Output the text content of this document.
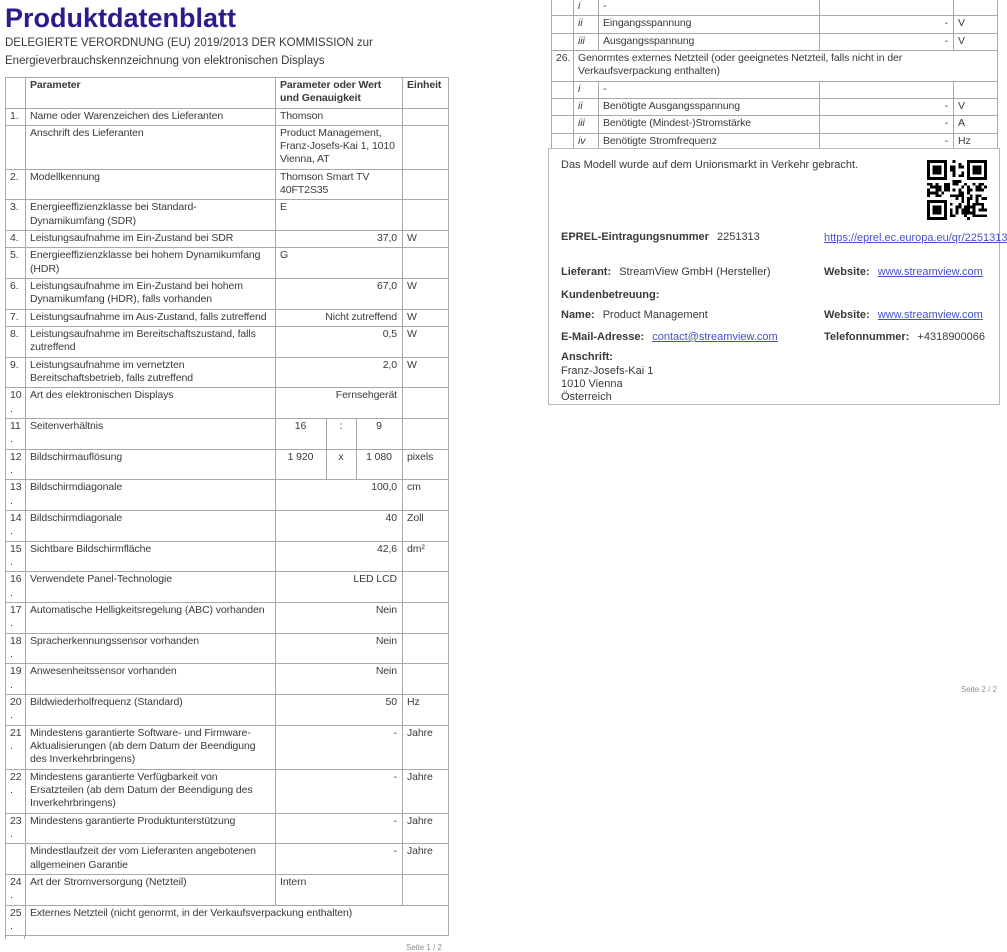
Produktdatenblatt
DELEGIERTE VERORDNUNG (EU) 2019/2013 DER KOMMISSION zur Energieverbrauchskennzeichnung von elektronischen Displays
	Parameter	Parameter oder Wert und Genauigkeit			Einheit
1.	Name oder Warenzeichen des Lieferanten	Thomson			
	Anschrift des Lieferanten	Product Management, Franz-Josefs-Kai 1, 1010 Vienna, AT			
2.	Modellkennung	Thomson Smart TV 40FT2S35			
3.	Energieeffizienzklasse bei Standard-Dynamikumfang (SDR)	E			
4.	Leistungsaufnahme im Ein-Zustand bei SDR	37,0			W
5.	Energieeffizienzklasse bei hohem Dynamikumfang (HDR)	G			
6.	Leistungsaufnahme im Ein-Zustand bei hohem Dynamikumfang (HDR), falls vorhanden	67,0			W
7.	Leistungsaufnahme im Aus-Zustand, falls zutreffend	Nicht zutreffend			W
8.	Leistungsaufnahme im Bereitschaftszustand, falls zutreffend	0,5			W
9.	Leistungsaufnahme im vernetzten Bereitschaftsbetrieb, falls zutreffend	2,0			W
10.	Art des elektronischen Displays	Fernsehgerät			
11.	Seitenverhältnis	16	:	9	
12.	Bildschirmauflösung	1 920	x	1 080	pixels
13.	Bildschirmdiagonale	100,0			cm
14.	Bildschirmdiagonale	40			Zoll
15.	Sichtbare Bildschirmfläche	42,6			dm²
16.	Verwendete Panel-Technologie	LED LCD			
17.	Automatische Helligkeitsregelung (ABC) vorhanden	Nein			
18.	Spracherkennungssensor vorhanden	Nein			
19.	Anwesenheitssensor vorhanden	Nein			
20.	Bildwiederholfrequenz (Standard)	50			Hz
21.	Mindestens garantierte Software- und Firmware-Aktualisierungen (ab dem Datum der Beendigung des Inverkehrbringens)	-			Jahre
22.	Mindestens garantierte Verfügbarkeit von Ersatzteilen (ab dem Datum der Beendigung des Inverkehrbringens)	-			Jahre
23.	Mindestens garantierte Produktunterstützung	-			Jahre
	Mindestlaufzeit der vom Lieferanten angebotenen allgemeinen Garantie	-			Jahre
24.	Art der Stromversorgung (Netzteil)	Intern			
25.	Externes Netzteil (nicht genormt, in der Verkaufsverpackung enthalten)				
Seite 1 / 2
	i	-		
	ii	Eingangsspannung	-	V
	iii	Ausgangsspannung	-	V
26.	Genormtes externes Netzteil (oder geeignetes Netzteil, falls nicht in der Verkaufsverpackung enthalten)			
	i	-		
	ii	Benötigte Ausgangsspannung	-	V
	iii	Benötigte (Mindest-)Stromstärke	-	A
	iv	Benötigte Stromfrequenz	-	Hz
Das Modell wurde auf dem Unionsmarkt in Verkehr gebracht.
EPREL-Eintragungsnummer 2251313	https://eprel.ec.europa.eu/qr/2251313
Lieferant: StreamView GmbH (Hersteller)	Website: www.streamview.com
Kundenbetreuung:
Name: Product Management	Website: www.streamview.com
E-Mail-Adresse: contact@streamview.com	Telefonnummer: +4318900066
Anschrift:
Franz-Josefs-Kai 1
1010 Vienna
Österreich
Seite 2 / 2
